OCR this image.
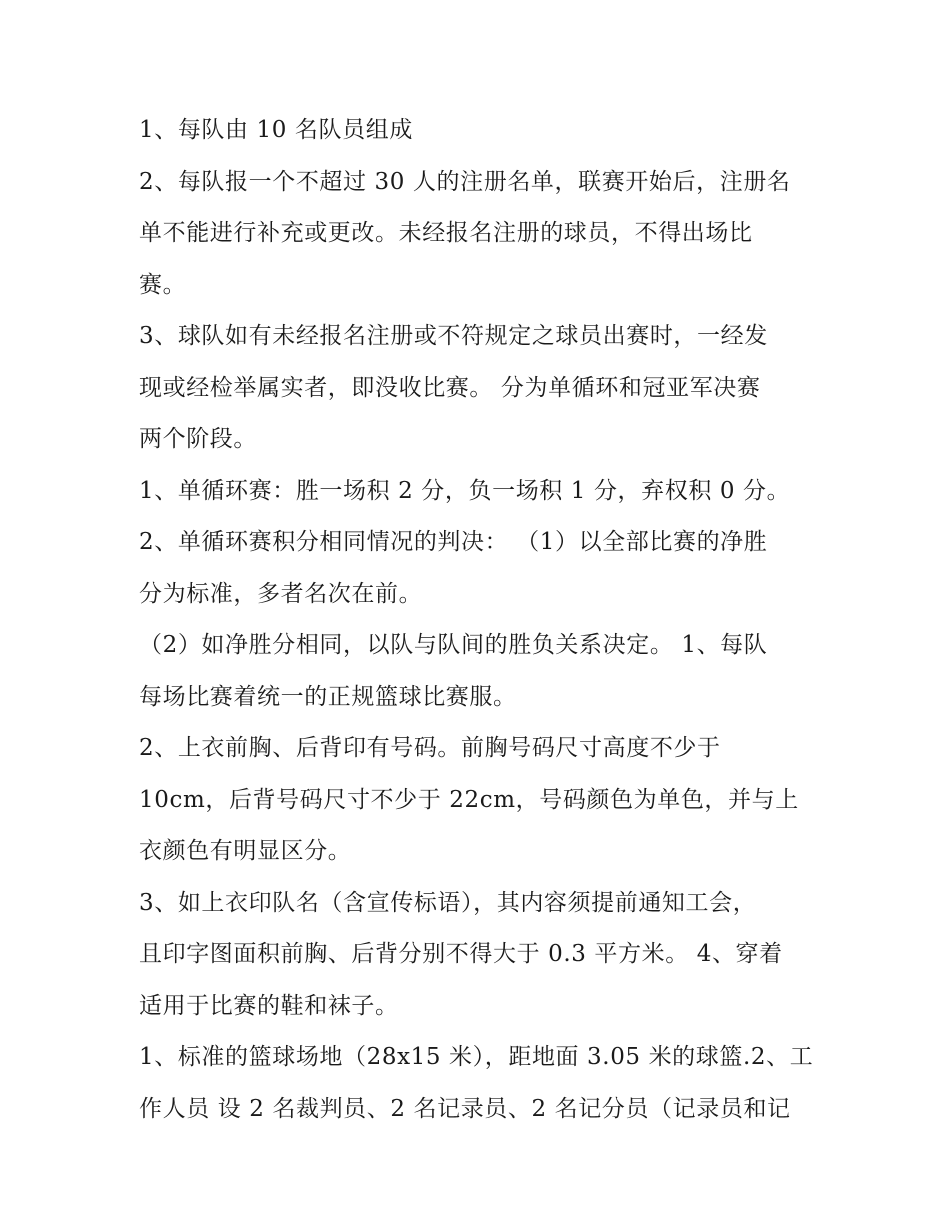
1、每队由 10 名队员组成
2、每队报一个不超过 30 人的注册名单，联赛开始后，注册名
单不能进行补充或更改。未经报名注册的球员，不得出场比
赛。
3、球队如有未经报名注册或不符规定之球员出赛时，一经发
现或经检举属实者，即没收比赛。 分为单循环和冠亚军决赛
两个阶段。
1、单循环赛：胜一场积 2 分，负一场积 1 分，弃权积 0 分。
2、单循环赛积分相同情况的判决： （1）以全部比赛的净胜
分为标准，多者名次在前。
（2）如净胜分相同，以队与队间的胜负关系决定。 1、每队
每场比赛着统一的正规篮球比赛服。
2、上衣前胸、后背印有号码。前胸号码尺寸高度不少于
10cm，后背号码尺寸不少于 22cm，号码颜色为单色，并与上
衣颜色有明显区分。
3、如上衣印队名（含宣传标语），其内容须提前通知工会，
且印字图面积前胸、后背分别不得大于 0.3 平方米。 4、穿着
适用于比赛的鞋和袜子。
1、标准的篮球场地（28x15 米），距地面 3.05 米的球篮.2、工
作人员 设 2 名裁判员、2 名记录员、2 名记分员（记录员和记
